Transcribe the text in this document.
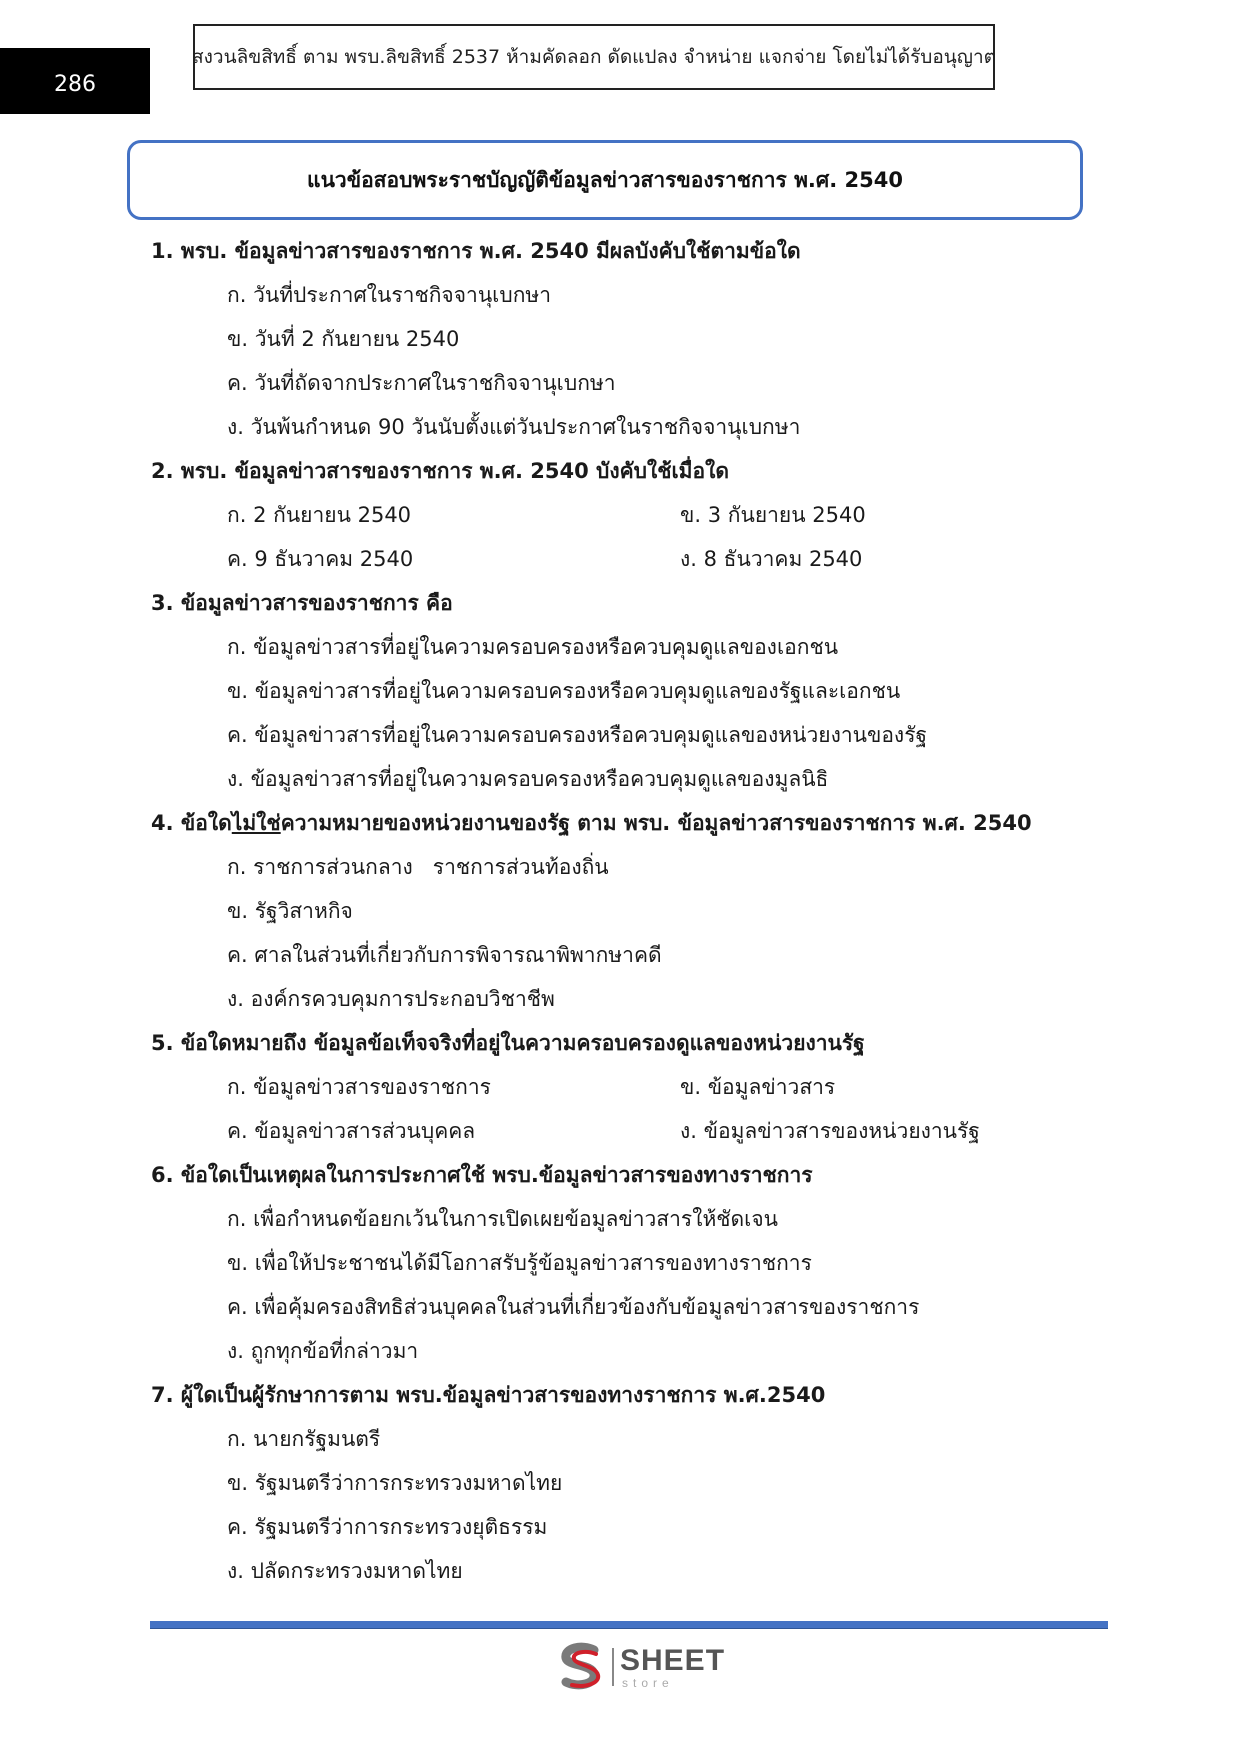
286
สงวนลิขสิทธิ์ ตาม พรบ.ลิขสิทธิ์ 2537 ห้ามคัดลอก ดัดแปลง จำหน่าย แจกจ่าย โดยไม่ได้รับอนุญาต
แนวข้อสอบพระราชบัญญัติข้อมูลข่าวสารของราชการ พ.ศ. 2540
1. พรบ. ข้อมูลข่าวสารของราชการ พ.ศ. 2540 มีผลบังคับใช้ตามข้อใด
ก. วันที่ประกาศในราชกิจจานุเบกษา
ข. วันที่ 2 กันยายน 2540
ค. วันที่ถัดจากประกาศในราชกิจจานุเบกษา
ง. วันพ้นกำหนด 90 วันนับตั้งแต่วันประกาศในราชกิจจานุเบกษา
2. พรบ. ข้อมูลข่าวสารของราชการ พ.ศ. 2540 บังคับใช้เมื่อใด
ก. 2 กันยายน 2540	ข. 3 กันยายน 2540
ค. 9 ธันวาคม 2540	ง. 8 ธันวาคม 2540
3. ข้อมูลข่าวสารของราชการ คือ
ก. ข้อมูลข่าวสารที่อยู่ในความครอบครองหรือควบคุมดูแลของเอกชน
ข. ข้อมูลข่าวสารที่อยู่ในความครอบครองหรือควบคุมดูแลของรัฐและเอกชน
ค. ข้อมูลข่าวสารที่อยู่ในความครอบครองหรือควบคุมดูแลของหน่วยงานของรัฐ
ง. ข้อมูลข่าวสารที่อยู่ในความครอบครองหรือควบคุมดูแลของมูลนิธิ
4. ข้อใดไม่ใช่ความหมายของหน่วยงานของรัฐ ตาม พรบ. ข้อมูลข่าวสารของราชการ พ.ศ. 2540
ก. ราชการส่วนกลาง   ราชการส่วนท้องถิ่น
ข. รัฐวิสาหกิจ
ค. ศาลในส่วนที่เกี่ยวกับการพิจารณาพิพากษาคดี
ง. องค์กรควบคุมการประกอบวิชาชีพ
5. ข้อใดหมายถึง ข้อมูลข้อเท็จจริงที่อยู่ในความครอบครองดูแลของหน่วยงานรัฐ
ก. ข้อมูลข่าวสารของราชการ	ข. ข้อมูลข่าวสาร
ค. ข้อมูลข่าวสารส่วนบุคคล	ง. ข้อมูลข่าวสารของหน่วยงานรัฐ
6. ข้อใดเป็นเหตุผลในการประกาศใช้ พรบ.ข้อมูลข่าวสารของทางราชการ
ก. เพื่อกำหนดข้อยกเว้นในการเปิดเผยข้อมูลข่าวสารให้ชัดเจน
ข. เพื่อให้ประชาชนได้มีโอกาสรับรู้ข้อมูลข่าวสารของทางราชการ
ค. เพื่อคุ้มครองสิทธิส่วนบุคคลในส่วนที่เกี่ยวข้องกับข้อมูลข่าวสารของราชการ
ง. ถูกทุกข้อที่กล่าวมา
7. ผู้ใดเป็นผู้รักษาการตาม พรบ.ข้อมูลข่าวสารของทางราชการ พ.ศ.2540
ก. นายกรัฐมนตรี
ข. รัฐมนตรีว่าการกระทรวงมหาดไทย
ค. รัฐมนตรีว่าการกระทรวงยุติธรรม
ง. ปลัดกระทรวงมหาดไทย
SHEET
store
